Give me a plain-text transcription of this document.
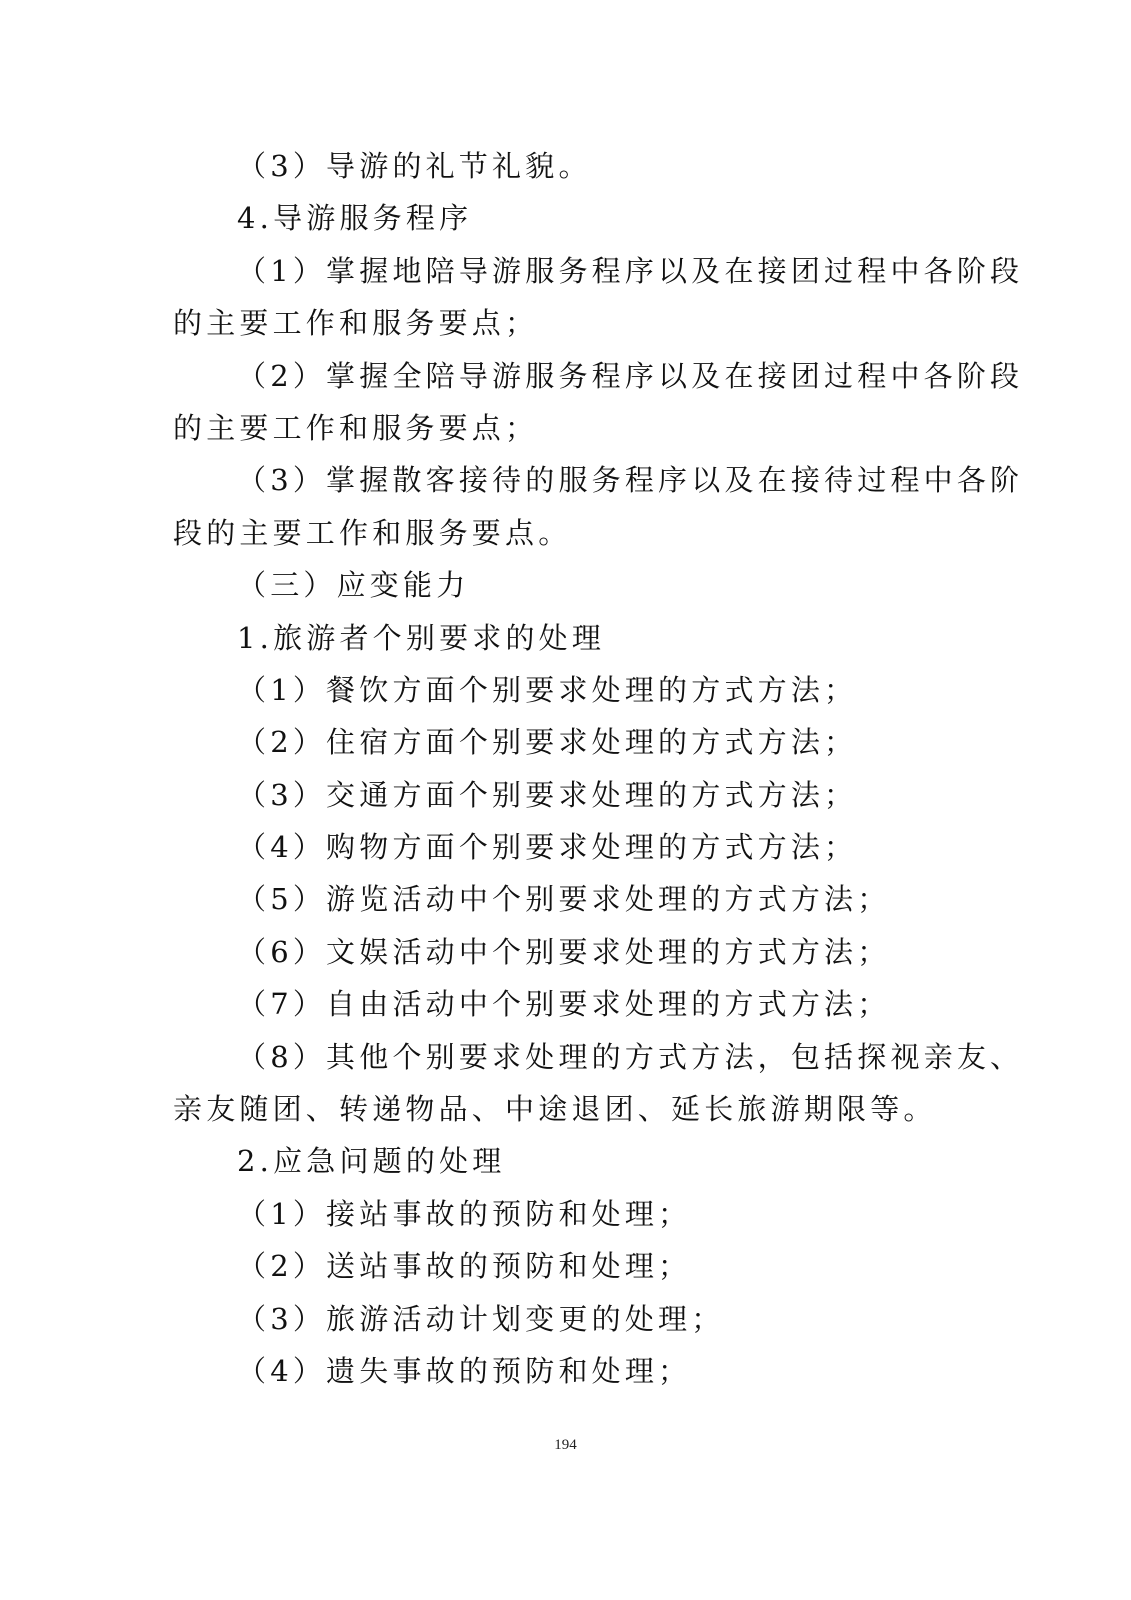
（3）导游的礼节礼貌。
4.导游服务程序
（1）掌握地陪导游服务程序以及在接团过程中各阶段
的主要工作和服务要点；
（2）掌握全陪导游服务程序以及在接团过程中各阶段
的主要工作和服务要点；
（3）掌握散客接待的服务程序以及在接待过程中各阶
段的主要工作和服务要点。
（三）应变能力
1.旅游者个别要求的处理
（1）餐饮方面个别要求处理的方式方法；
（2）住宿方面个别要求处理的方式方法；
（3）交通方面个别要求处理的方式方法；
（4）购物方面个别要求处理的方式方法；
（5）游览活动中个别要求处理的方式方法；
（6）文娱活动中个别要求处理的方式方法；
（7）自由活动中个别要求处理的方式方法；
（8）其他个别要求处理的方式方法，包括探视亲友、
亲友随团、转递物品、中途退团、延长旅游期限等。
2.应急问题的处理
（1）接站事故的预防和处理；
（2）送站事故的预防和处理；
（3）旅游活动计划变更的处理；
（4）遗失事故的预防和处理；
194
